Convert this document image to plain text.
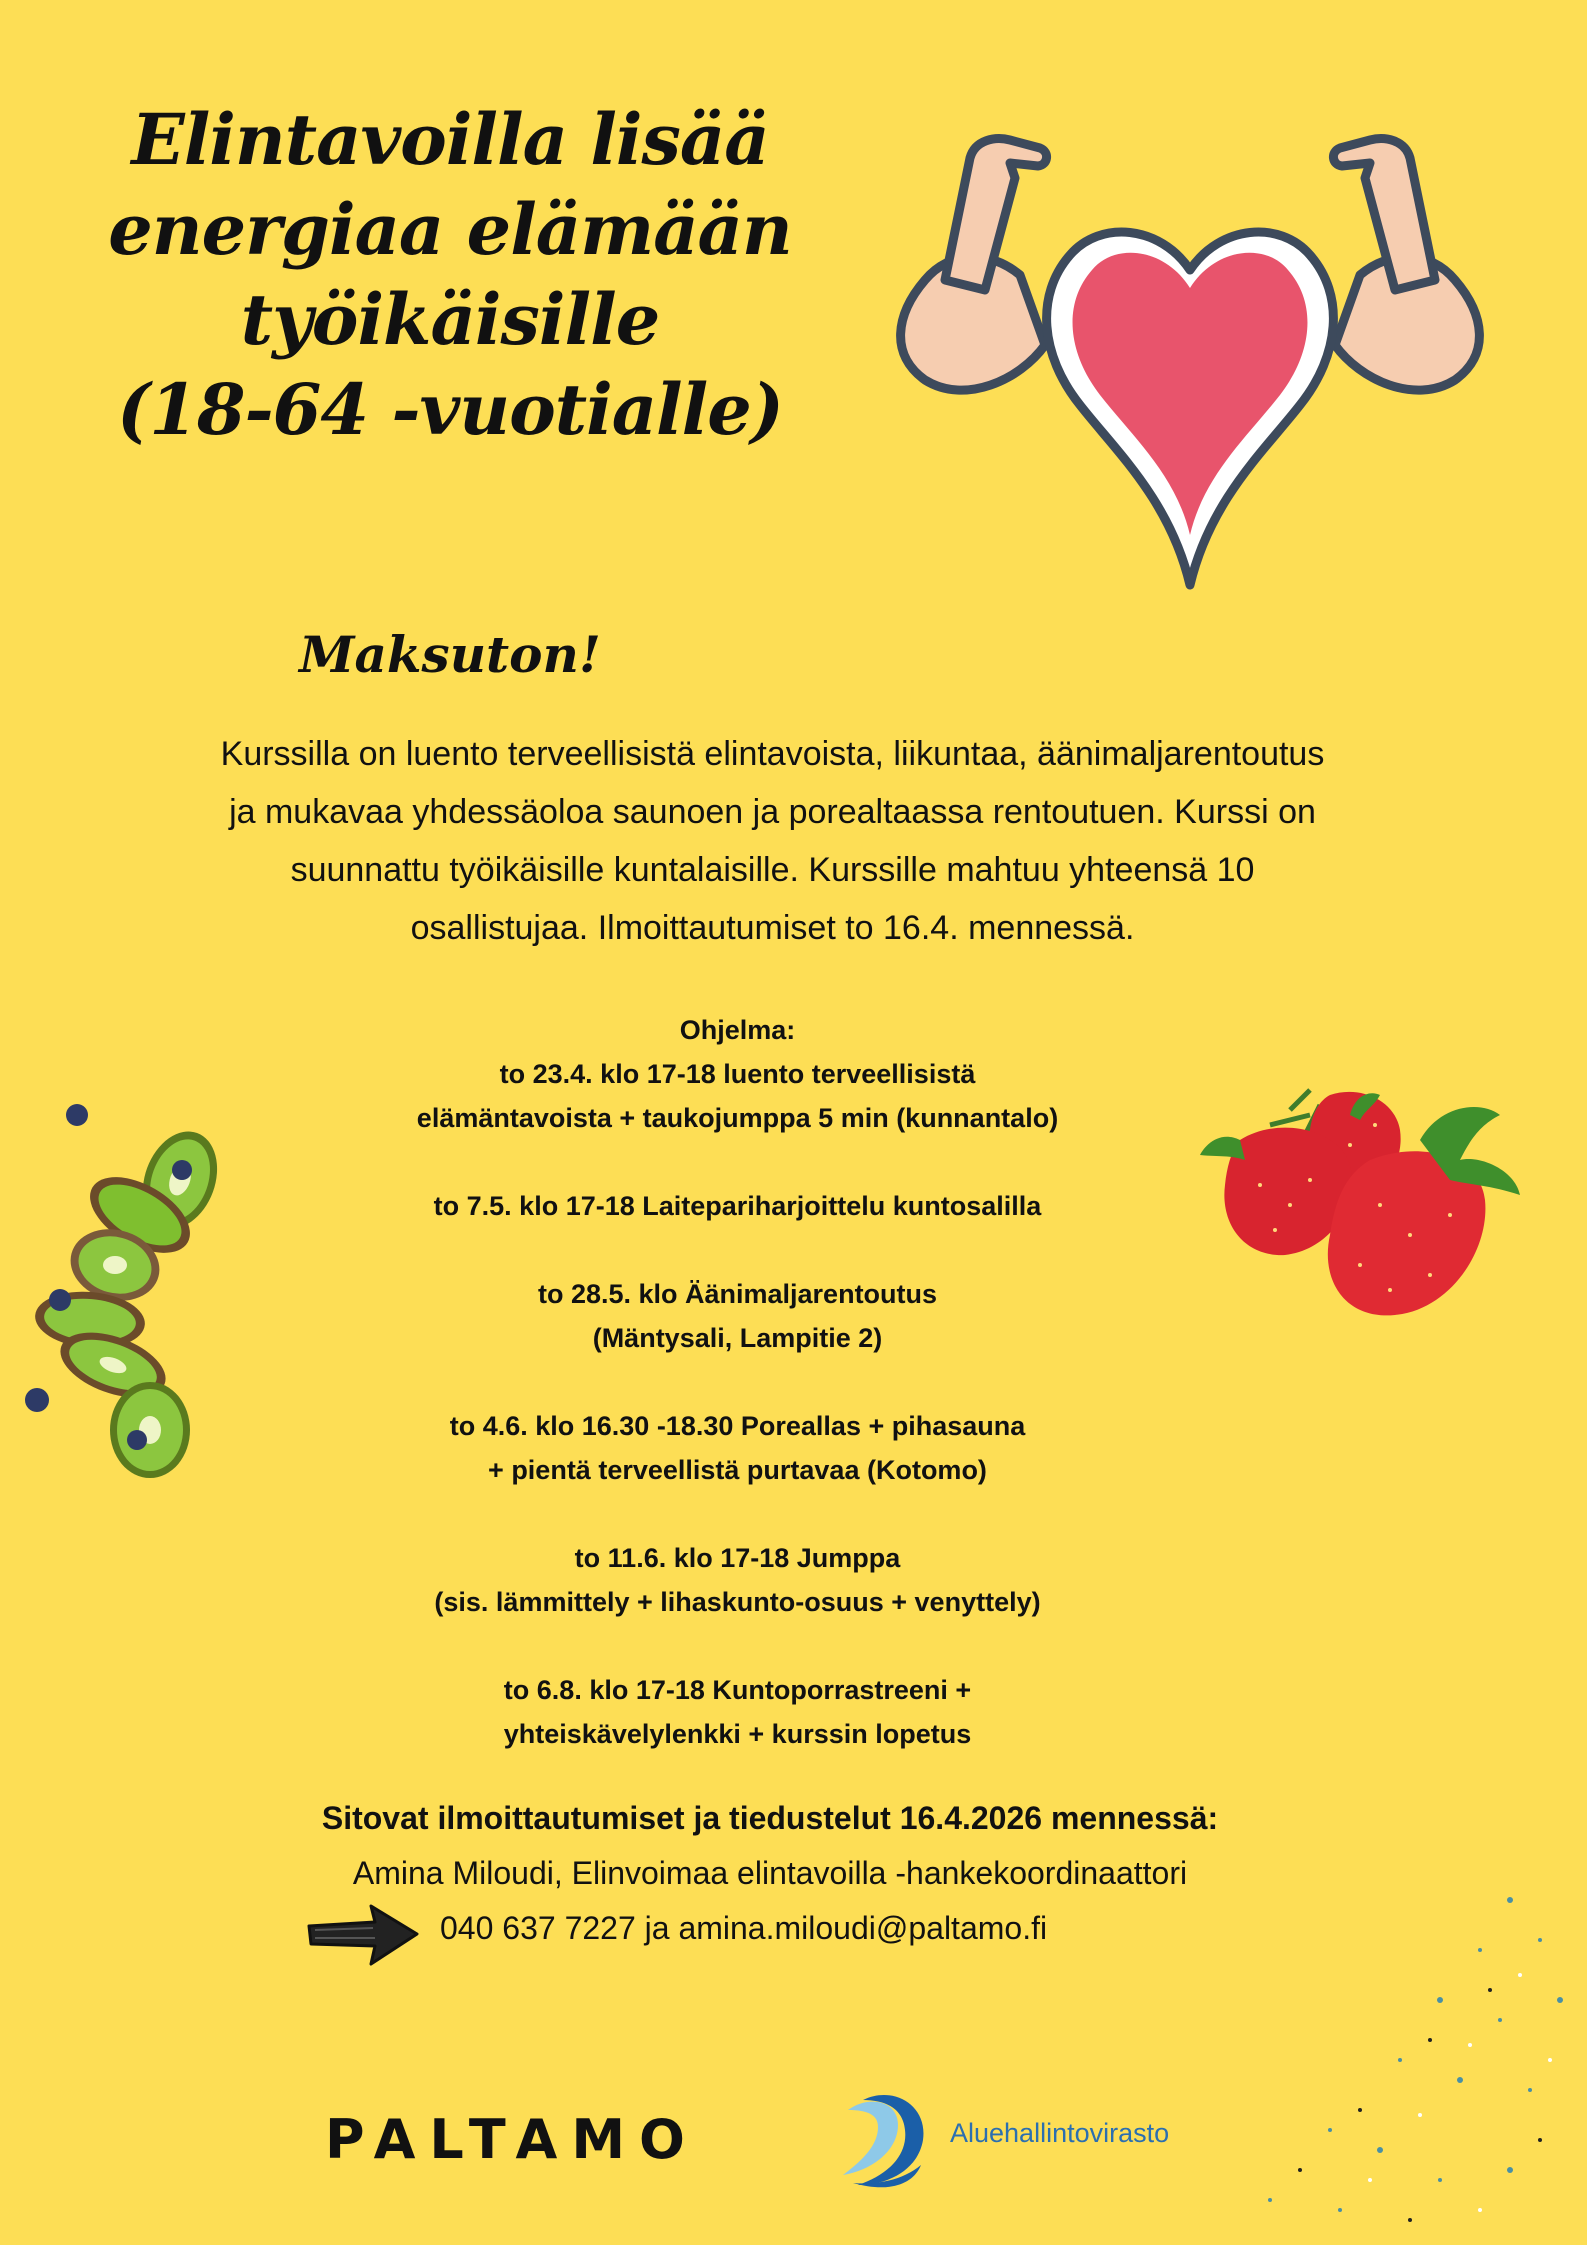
Elintavoilla lisää
energiaa elämään
työikäisille
(18-64 -vuotialle)
Maksuton!
Kurssilla on luento terveellisistä elintavoista, liikuntaa, äänimaljarentoutus
ja mukavaa yhdessäoloa saunoen ja porealtaassa rentoutuen. Kurssi on
suunnattu työikäisille kuntalaisille. Kurssille mahtuu yhteensä 10
osallistujaa. Ilmoittautumiset to 16.4. mennessä.
Ohjelma:
to 23.4. klo 17-18 luento terveellisistä
elämäntavoista + taukojumppa 5 min (kunnantalo)
to 7.5. klo 17-18 Laitepariharjoittelu kuntosalilla
to 28.5. klo Äänimaljarentoutus
(Mäntysali, Lampitie 2)
to 4.6. klo 16.30 -18.30 Poreallas + pihasauna
+ pientä terveellistä purtavaa (Kotomo)
to 11.6. klo 17-18 Jumppa
(sis. lämmittely + lihaskunto-osuus + venyttely)
to 6.8. klo 17-18 Kuntoporrastreeni +
yhteiskävelylenkki + kurssin lopetus
Sitovat ilmoittautumiset ja tiedustelut 16.4.2026 mennessä:
Amina Miloudi, Elinvoimaa elintavoilla -hankekoordinaattori
040 637 7227 ja amina.miloudi@paltamo.fi
PALTAMO	Aluehallintovirasto
